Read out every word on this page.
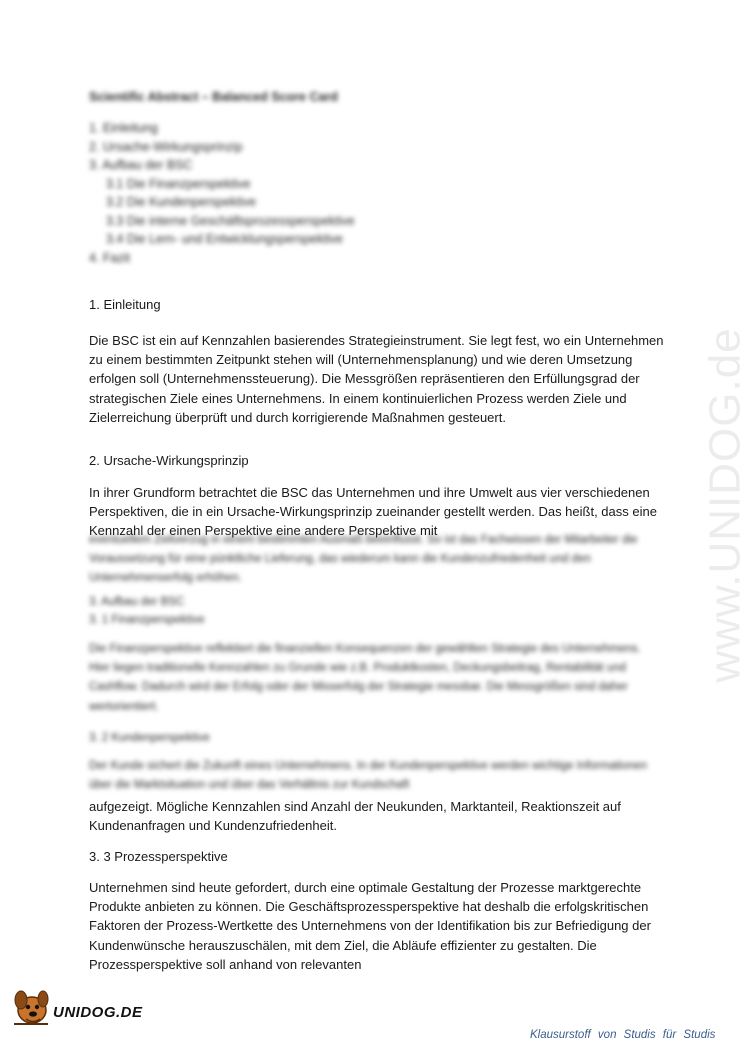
Scientific Abstract – Balanced Score Card
1. Einleitung
2. Ursache-Wirkungsprinzip
3. Aufbau der BSC
3.1 Die Finanzperspektive
3.2 Die Kundenperspektive
3.3 Die interne Geschäftsprozessperspektive
3.4 Die Lern- und Entwicklungsperspektive
4. Fazit
1. Einleitung

Die BSC ist ein auf Kennzahlen basierendes Strategieinstrument. Sie legt fest, wo ein Unternehmen zu einem bestimmten Zeitpunkt stehen will (Unternehmensplanung) und wie deren Umsetzung erfolgen soll (Unternehmenssteuerung). Die Messgrößen repräsentieren den Erfüllungsgrad der strategischen Ziele eines Unternehmens. In einem kontinuierlichen Prozess werden Ziele und Zielerreichung überprüft und durch korrigierende Maßnahmen gesteuert.

2. Ursache-Wirkungsprinzip

In ihrer Grundform betrachtet die BSC das Unternehmen und ihre Umwelt aus vier verschiedenen Perspektiven, die in ein Ursache-Wirkungsprinzip zueinander gestellt werden. Das heißt, dass eine Kennzahl der einen Perspektive eine andere Perspektive mit

eventuellem Zeitverzug in einem bestimmten Ausmaß beeinflusst. So ist das Fachwissen der Mitarbeiter die Voraussetzung für eine pünktliche Lieferung, das wiederum kann die Kundenzufriedenheit und den Unternehmenserfolg erhöhen.

3. Aufbau der BSC
3. 1 Finanzperspektive

Die Finanzperspektive reflektiert die finanziellen Konsequenzen der gewählten Strategie des Unternehmens. Hier liegen traditionelle Kennzahlen zu Grunde wie z.B. Produktkosten, Deckungsbeitrag, Rentabilität und Cashflow. Dadurch wird der Erfolg oder der Misserfolg der Strategie messbar. Die Messgrößen sind daher wertorientiert.

3. 2 Kundenperspektive

Der Kunde sichert die Zukunft eines Unternehmens. In der Kundenperspektive werden wichtige Informationen über die Marktsituation und über das Verhältnis zur Kundschaft

aufgezeigt. Mögliche Kennzahlen sind Anzahl der Neukunden, Marktanteil, Reaktionszeit auf Kundenanfragen und Kundenzufriedenheit.

3. 3 Prozessperspektive

Unternehmen sind heute gefordert, durch eine optimale Gestaltung der Prozesse marktgerechte Produkte anbieten zu können. Die Geschäftsprozessperspektive hat deshalb die erfolgskritischen Faktoren der Prozess-Wertkette des Unternehmens von der Identifikation bis zur Befriedigung der Kundenwünsche herauszuschälen, mit dem Ziel, die Abläufe effizienter zu gestalten. Die Prozessperspektive soll anhand von relevanten

www.UNIDOG.de
UNIDOG.DE
Klausurstoff von Studis für Studis
